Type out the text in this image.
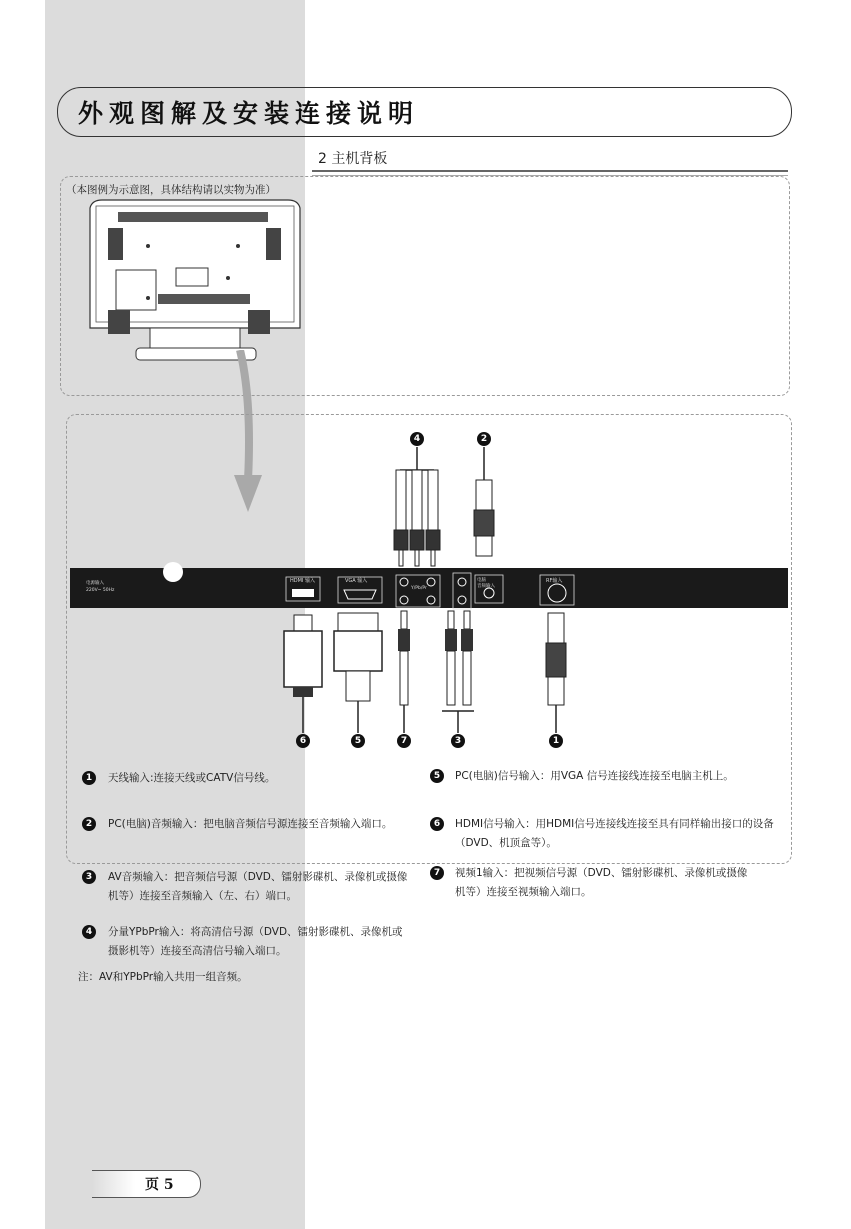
外观图解及安装连接说明
2 主机背板
（本图例为示意图，具体结构请以实物为准）
电源输入
220V~ 50Hz
HDMI 输入	VGA 输入
Y/Pb/Pr
电脑
音频输入
RF输入
4	2
6	5	7	3	1
1	天线输入:连接天线或CATV信号线。
2	PC(电脑)音频输入：把电脑音频信号源连接至音频输入端口。
3	AV音频输入：把音频信号源（DVD、镭射影碟机、录像机或摄像机等）连接至音频输入（左、右）端口。
4	分量YPbPr输入：将高清信号源（DVD、镭射影碟机、录像机或摄影机等）连接至高清信号输入端口。
5	PC(电脑)信号输入：用VGA 信号连接线连接至电脑主机上。
6	HDMI信号输入：用HDMI信号连接线连接至具有同样输出接口的设备（DVD、机顶盒等）。
7	视频1输入：把视频信号源（DVD、镭射影碟机、录像机或摄像机等）连接至视频输入端口。
注：AV和YPbPr输入共用一组音频。
页 5
